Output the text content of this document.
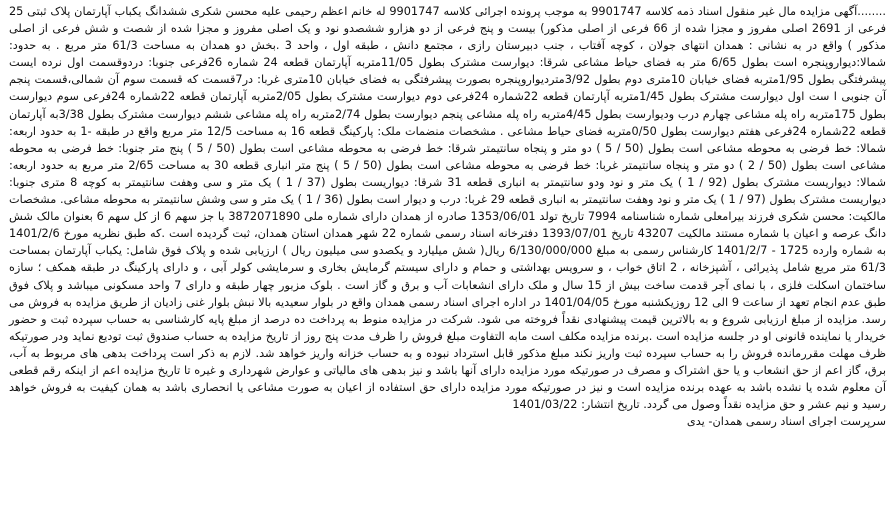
........آگهی مزایده مال غیر منقول اسناد ذمه کلاسه 9901747 به موجب پرونده اجرائی کلاسه 9901747 له خانم اعظم رحیمی علیه محسن شکری ششدانگ یکباب آپارتمان پلاک ثبتی 25 فرعی از 2691 اصلی مفروز و مجزا شده از 66 فرعی از اصلی مذکور) بیست و پنج فرعی از دو هزارو ششصدو نود و یک اصلی مفروز و مجزا شده از شصت و شش فرعی از اصلی مذکور ) واقع در به نشانی : همدان انتهای جولان ، کوچه آفتاب ، جنب دبیرستان رازی ، مجتمع دانش ، طبقه اول ، واحد 3 .بخش دو همدان به مساحت 61/3 متر مربع . به حدود: شمالا:دیواروپنجره است بطول 6/65 متر به فضای حیاط مشاعی شرقا: دیوارست مشترک بطول 11/05متربه آپارتمان قطعه 24 شماره 26فرعی جنوبا: دردوقسمت اول نرده ایست پیشرفتگی بطول 1/95متربه فضای خیابان 10متری دوم بطول 3/92متردیواروپنجره بصورت پیشرفتگی به فضای خیابان 10متری غربا: در7قسمت که قسمت سوم آن شمالی،قسمت پنجم آن جنوبی ا ست اول دیوارست مشترک بطول 1/45متربه آپارتمان قطعه 22شماره 24فرعی دوم دیوارست مشترک بطول 2/05متربه آپارتمان قطعه 22شماره 24فرعی سوم دیوارست بطول 175متربه راه پله مشاعی چهارم درب ودیوارست بطول 4/45متربه راه پله مشاعی پنجم دیوارست بطول 2/74متربه راه پله مشاعی ششم دیوارست مشترک بطول 3/38به آپارتمان قطعه 22شماره 24فرعی هفتم دیوارست بطول 0/50متربه فضای حیاط مشاعی . مشخصات منضمات ملک: پارکینگ قطعه 16 به مساحت 12/5 متر مربع واقع در طبقه -1 به حدود اربعه: شمالا: خط فرضی به محوطه مشاعی است بطول (50 / 5 ) دو متر و پنجاه سانتیمتر شرقا: خط فرضی به محوطه مشاعی است بطول (50 / 5 ) پنج متر جنوبا: خط فرضی به محوطه مشاعی است بطول (50 / 2 ) دو متر و پنجاه سانتیمتر غربا: خط فرضی به محوطه مشاعی است بطول (50 / 5 ) پنج متر انباری قطعه 30 به مساحت 2/65 متر مربع به حدود اربعه: شمالا: دیواریست مشترک بطول (92 / 1 ) یک متر و نود ودو سانتیمتر به انباری قطعه 31 شرقا: دیواریست بطول (37 / 1 ) یک متر و سی وهفت سانتیمتر به کوچه 8 متری جنوبا: دیواریست مشترک بطول (97 / 1 ) یک متر و نود وهفت سانتیمتر به انباری قطعه 29 غربا: درب و دیوار است بطول (36 / 1 ) یک متر و سی وشش سانتیمتر به محوطه مشاعی. مشخصات مالکیت: محسن شکری فرزند بیرامعلی شماره شناسنامه 7994 تاریخ تولد 1353/06/01 صادره از همدان دارای شماره ملی 3872071890 با جز سهم 6 از کل سهم 6 بعنوان مالک شش دانگ عرصه و اعیان با شماره مستند مالکیت 43207 تاریخ 1393/07/01 دفترخانه اسناد رسمی شماره 22 شهر همدان استان همدان، ثبت گردیده است .که طبق نظریه مورخ 1401/2/6 به شماره وارده 1725 - 1401/2/7 کارشناس رسمی به مبلغ 6/130/000/000 ریال( شش میلیارد و یکصدو سی میلیون ریال ) ارزیابی شده و پلاک فوق شامل: یکباب آپارتمان بمساحت 61/3 متر مربع شامل پذیرائی ، آشپزخانه ، 2 اتاق خواب ، و سرویس بهداشتی و حمام و دارای سیستم گرمایش بخاری و سرمایشی کولر آبی ، و دارای پارکینگ در طبقه همکف ؛ سازه ساختمان اسکلت فلزی ، با نمای آجر قدمت ساخت بیش از 15 سال و ملک دارای انشعابات آب و برق و گاز است . بلوک مزبور چهار طبقه و دارای 7 واحد مسکونی میباشد و پلاک فوق طبق عدم انجام تعهد از ساعت 9 الی 12 روزیکشنبه مورخ 1401/04/05 در اداره اجرای اسناد رسمی همدان واقع در بلوار سعیدیه بالا نبش بلوار غنی زادیان از طریق مزایده به فروش می رسد. مزایده از مبلغ ارزیابی شروع و به بالاترین قیمت پیشنهادی نقداً فروخته می شود. شرکت در مزایده منوط به پرداخت ده درصد از مبلغ پایه کارشناسی به حساب سپرده ثبت و حضور خریدار یا نماینده قانونی او در جلسه مزایده است .برنده مزایده مکلف است مابه التفاوت مبلغ فروش را ظرف مدت پنج روز از تاریخ مزایده به حساب صندوق ثبت تودیع نماید ودر صورتیکه ظرف مهلت مقررمانده فروش را به حساب سپرده ثبت واریز نکند مبلغ مذکور قابل استرداد نبوده و به حساب خزانه واریز خواهد شد. لازم به ذکر است پرداخت بدهی های مربوط به آب، برق، گاز اعم از حق انشعاب و یا حق اشتراک و مصرف در صورتیکه مورد مزایده دارای آنها باشد و نیز بدهی های مالیاتی و عوارض شهرداری و غیره تا تاریخ مزایده اعم از اینکه رقم قطعی آن معلوم شده یا نشده باشد به عهده برنده مزایده است و نیز در صورتیکه مورد مزایده دارای حق استفاده از اعیان به صورت مشاعی یا انحصاری باشد به همان کیفیت به فروش خواهد رسید و نیم عشر و حق مزایده نقداً وصول می گردد. تاریخ انتشار: 1401/03/22

سرپرست اجرای اسناد رسمی همدان- یدی
